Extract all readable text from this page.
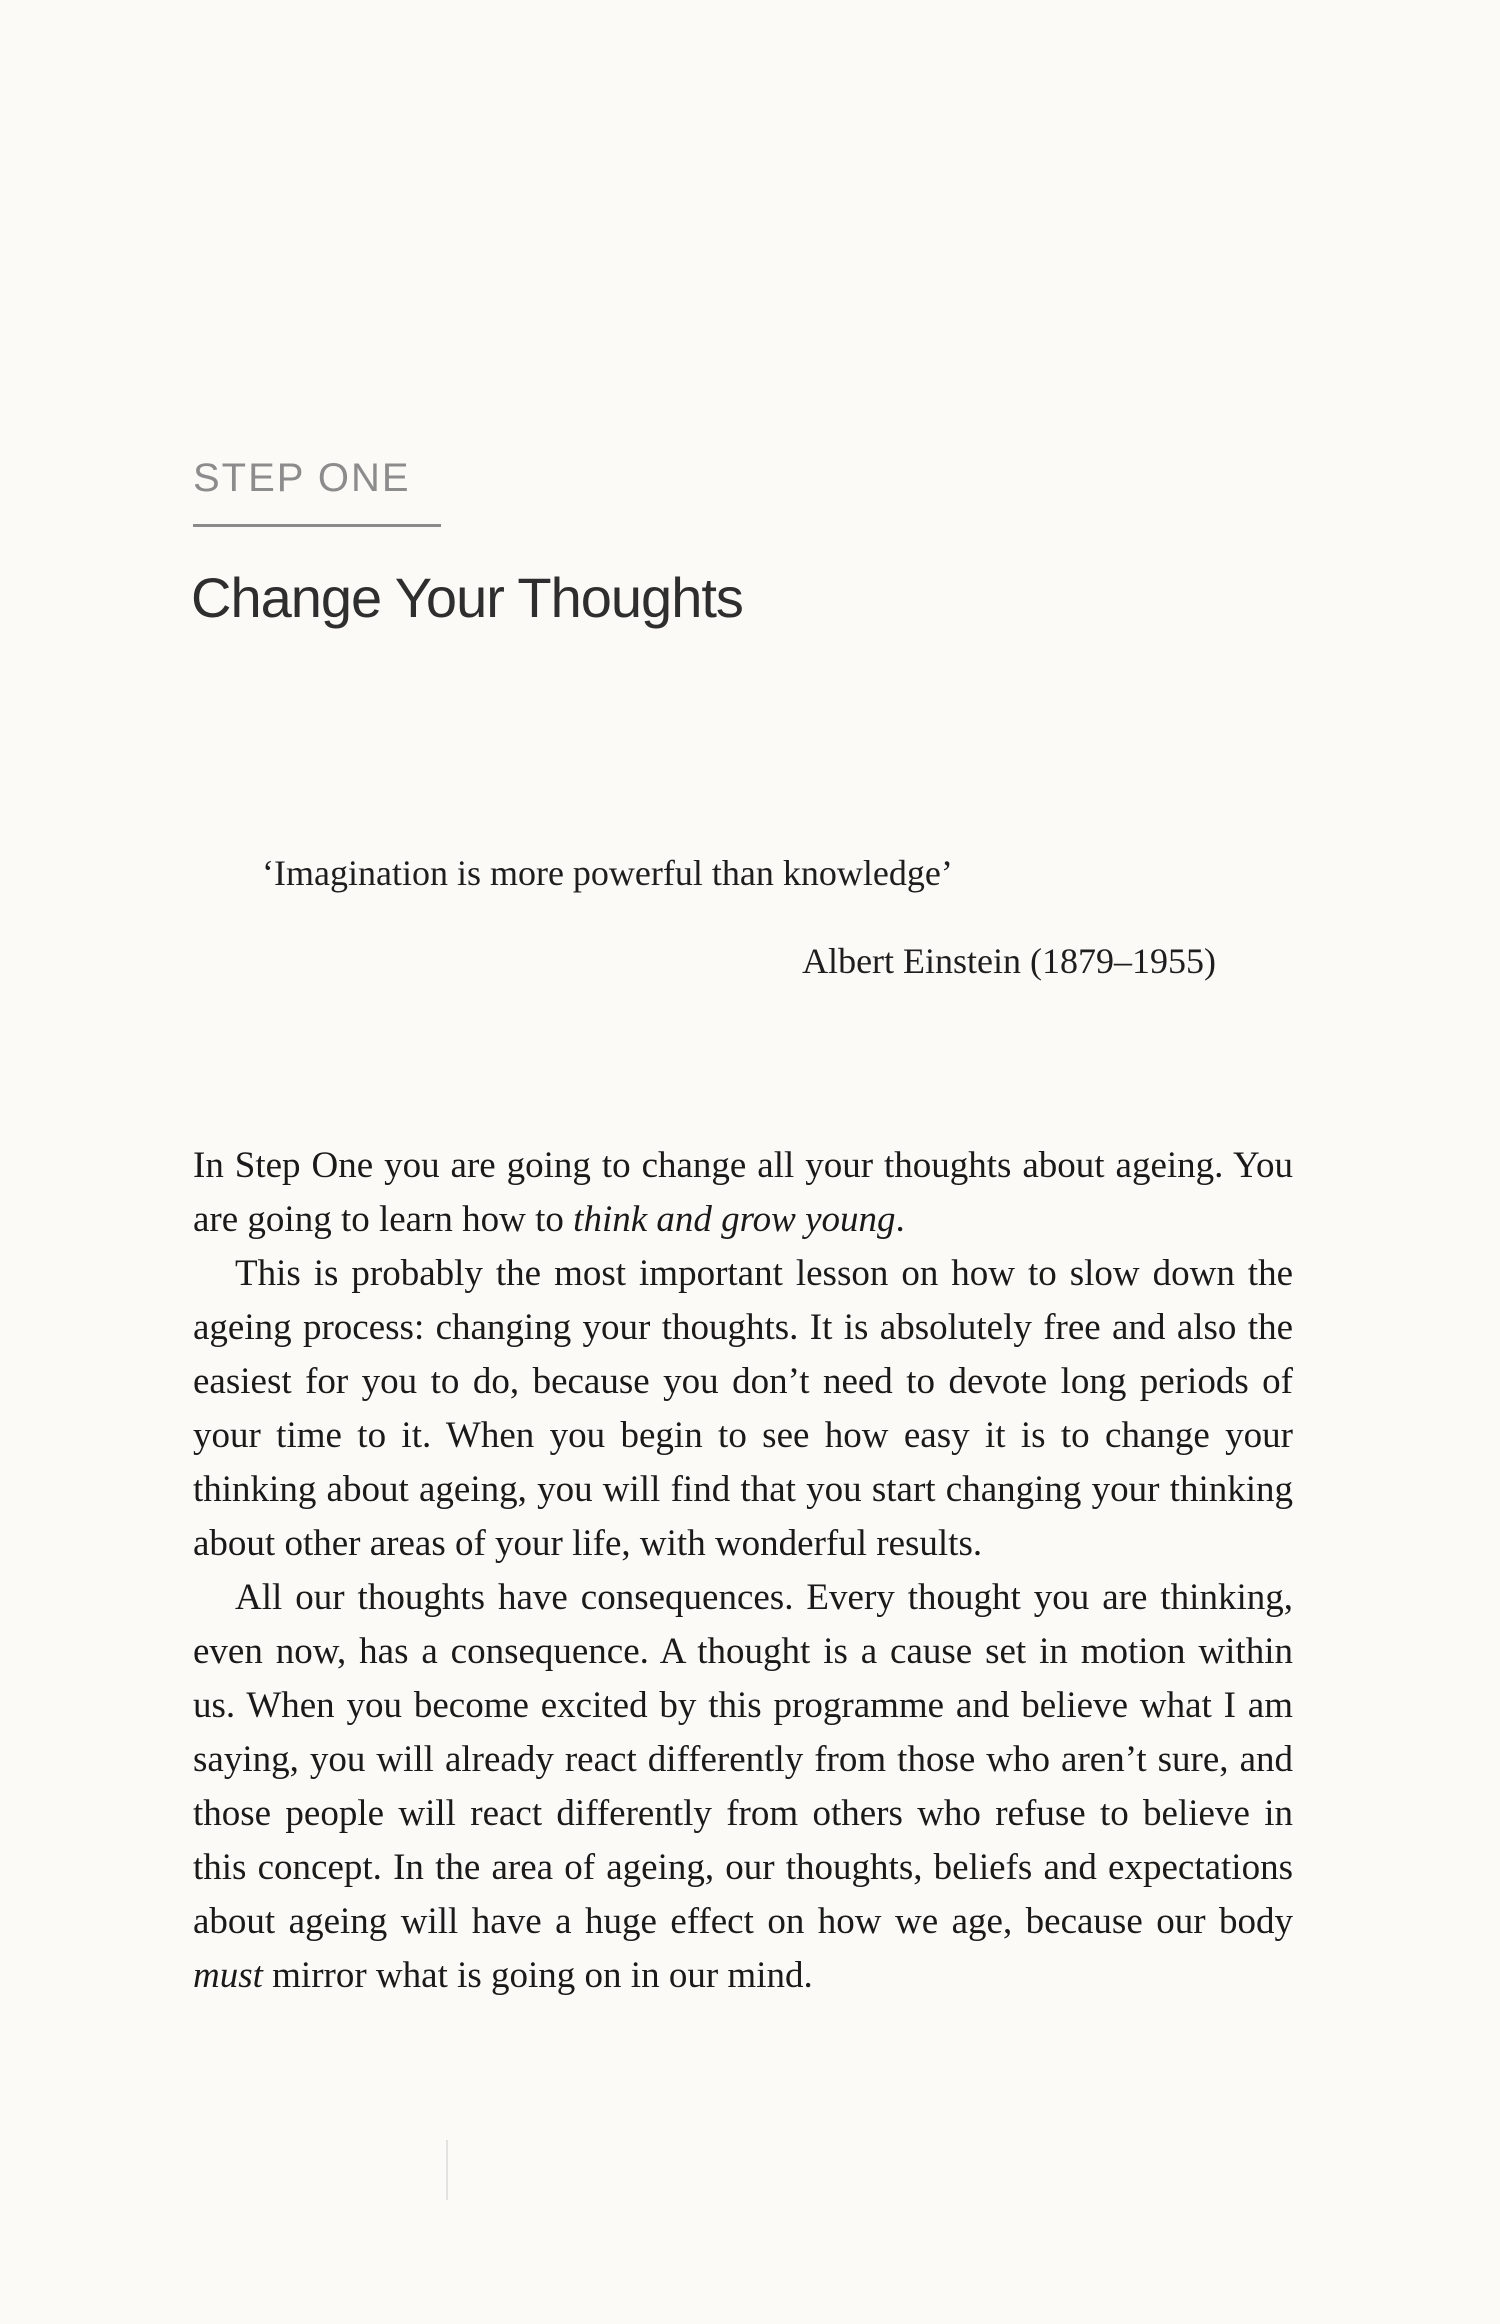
STEP ONE
Change Your Thoughts

‘Imagination is more powerful than knowledge’

Albert Einstein (1879–1955)

In Step One you are going to change all your thoughts about ageing. You are going to learn how to think and grow young.

This is probably the most important lesson on how to slow down the ageing process: changing your thoughts. It is absolutely free and also the easiest for you to do, because you don’t need to devote long periods of your time to it. When you begin to see how easy it is to change your thinking about ageing, you will find that you start changing your thinking about other areas of your life, with wonderful results.

All our thoughts have consequences. Every thought you are thinking, even now, has a consequence. A thought is a cause set in motion within us. When you become excited by this programme and believe what I am saying, you will already react differently from those who aren’t sure, and those people will react differently from others who refuse to believe in this concept. In the area of ageing, our thoughts, beliefs and expectations about ageing will have a huge effect on how we age, because our body must mirror what is going on in our mind.
